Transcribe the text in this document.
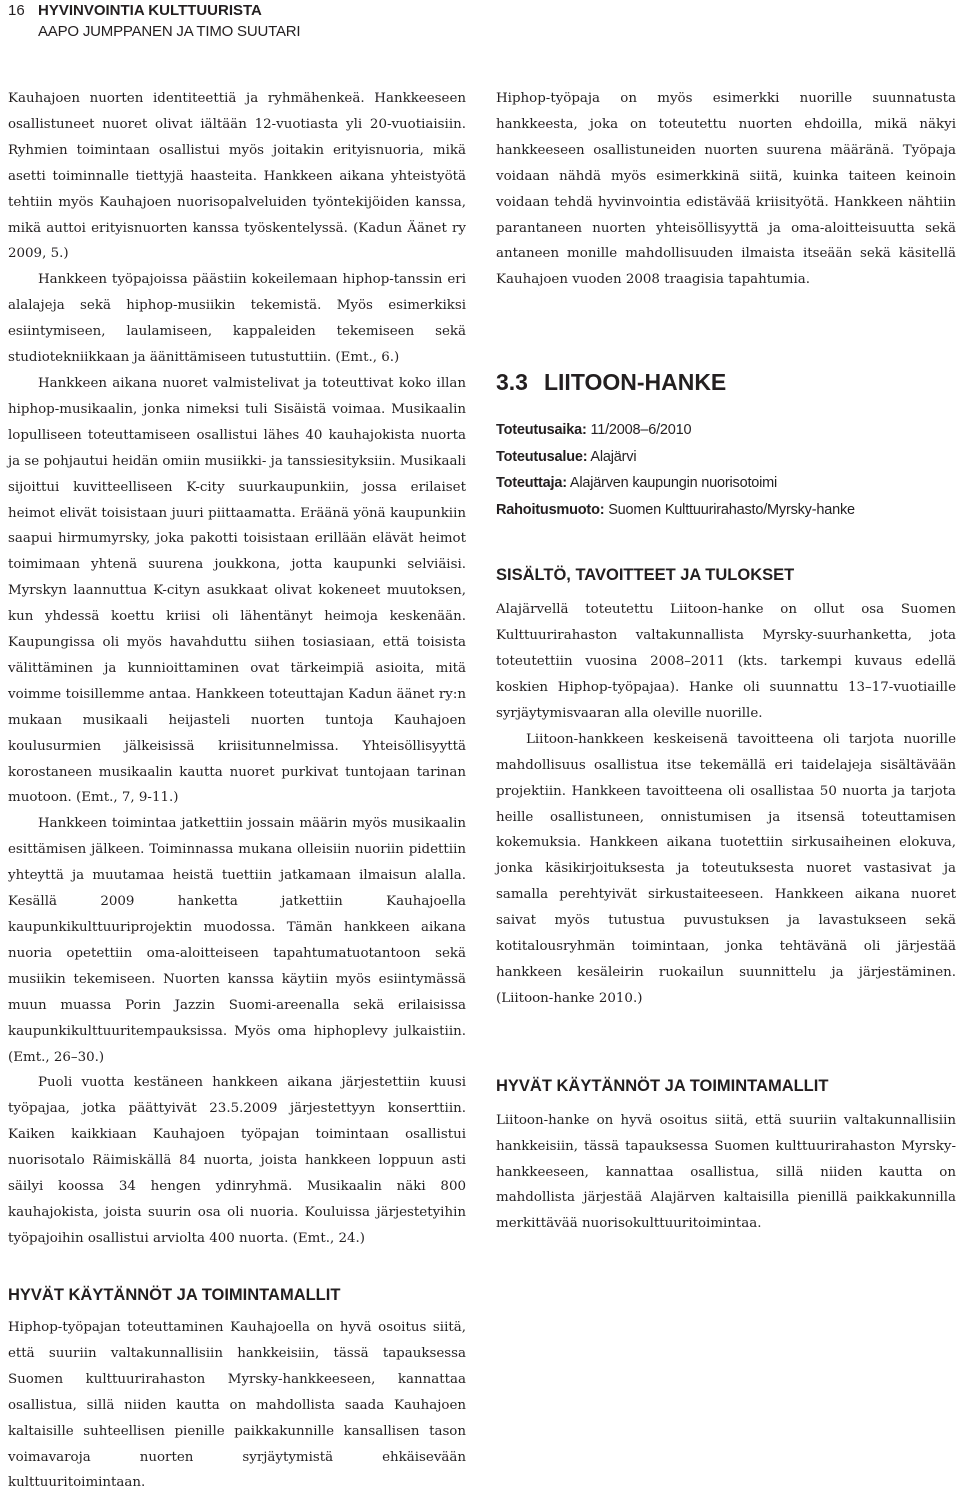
16 HYVINVOINTIA KULTTUURISTA
AAPO JUMPPANEN JA TIMO SUUTARI

Kauhajoen nuorten identiteettiä ja ryhmähenkeä. Hankkeeseen osallistuneet nuoret olivat iältään 12-vuotiasta yli 20-vuotiaisiin. Ryhmien toimintaan osallistui myös joitakin erityisnuoria, mikä asetti toiminnalle tiettyjä haasteita. Hankkeen aikana yhteistyötä tehtiin myös Kauhajoen nuorisopalveluiden työntekijöiden kanssa, mikä auttoi erityisnuorten kanssa työskentelyssä. (Kadun Äänet ry 2009, 5.)

Hankkeen työpajoissa päästiin kokeilemaan hiphop-tanssin eri alalajeja sekä hiphop-musiikin tekemistä. Myös esimerkiksi esiintymiseen, laulamiseen, kappaleiden tekemiseen sekä studiotekniikkaan ja äänittämiseen tutustuttiin. (Emt., 6.)

Hankkeen aikana nuoret valmistelivat ja toteuttivat koko illan hiphop-musikaalin, jonka nimeksi tuli Sisäistä voimaa. Musikaalin lopulliseen toteuttamiseen osallistui lähes 40 kauhajokista nuorta ja se pohjautui heidän omiin musiikki- ja tanssiesityksiin. Musikaali sijoittui kuvitteelliseen K-city suurkaupunkiin, jossa erilaiset heimot elivät toisistaan juuri piittaamatta. Eräänä yönä kaupunkiin saapui hirmumyrsky, joka pakotti toisistaan erillään elävät heimot toimimaan yhtenä suurena joukkona, jotta kaupunki selviäisi. Myrskyn laannuttua K-cityn asukkaat olivat kokeneet muutoksen, kun yhdessä koettu kriisi oli lähentänyt heimoja keskenään. Kaupungissa oli myös havahduttu siihen tosiasiaan, että toisista välittäminen ja kunnioittaminen ovat tärkeimpiä asioita, mitä voimme toisillemme antaa. Hankkeen toteuttajan Kadun äänet ry:n mukaan musikaali heijasteli nuorten tuntoja Kauhajoen koulusurmien jälkeisissä kriisitunnelmissa. Yhteisöllisyyttä korostaneen musikaalin kautta nuoret purkivat tuntojaan tarinan muotoon. (Emt., 7, 9-11.)

Hankkeen toimintaa jatkettiin jossain määrin myös musikaalin esittämisen jälkeen. Toiminnassa mukana olleisiin nuoriin pidettiin yhteyttä ja muutamaa heistä tuettiin jatkamaan ilmaisun alalla. Kesällä 2009 hanketta jatkettiin Kauhajoella kaupunkikulttuuriprojektin muodossa. Tämän hankkeen aikana nuoria opetettiin oma-aloitteiseen tapahtumatuotantoon sekä musiikin tekemiseen. Nuorten kanssa käytiin myös esiintymässä muun muassa Porin Jazzin Suomi-areenalla sekä erilaisissa kaupunkikulttuuritempauksissa. Myös oma hiphoplevy julkaistiin. (Emt., 26–30.)

Puoli vuotta kestäneen hankkeen aikana järjestettiin kuusi työpajaa, jotka päättyivät 23.5.2009 järjestettyyn konserttiin. Kaiken kaikkiaan Kauhajoen työpajan toimintaan osallistui nuorisotalo Räimiskällä 84 nuorta, joista hankkeen loppuun asti säilyi koossa 34 hengen ydinryhmä. Musikaalin näki 800 kauhajokista, joista suurin osa oli nuoria. Kouluissa järjestetyihin työpajoihin osallistui arviolta 400 nuorta. (Emt., 24.)

HYVÄT KÄYTÄNNÖT JA TOIMINTAMALLIT

Hiphop-työpajan toteuttaminen Kauhajoella on hyvä osoitus siitä, että suuriin valtakunnallisiin hankkeisiin, tässä tapauksessa Suomen kulttuurirahaston Myrsky-hankkeeseen, kannattaa osallistua, sillä niiden kautta on mahdollista saada Kauhajoen kaltaisille suhteellisen pienille paikkakunnille kansallisen tason voimavaroja nuorten syrjäytymistä ehkäisevään kulttuuritoimintaan.

Hiphop-työpaja on myös esimerkki nuorille suunnatusta hankkeesta, joka on toteutettu nuorten ehdoilla, mikä näkyi hankkeeseen osallistuneiden nuorten suurena määränä. Työpaja voidaan nähdä myös esimerkkinä siitä, kuinka taiteen keinoin voidaan tehdä hyvinvointia edistävää kriisityötä. Hankkeen nähtiin parantaneen nuorten yhteisöllisyyttä ja oma-aloitteisuutta sekä antaneen monille mahdollisuuden ilmaista itseään sekä käsitellä Kauhajoen vuoden 2008 traagisia tapahtumia.

3.3 LIITOON-HANKE
Toteutusaika: 11/2008–6/2010
Toteutusalue: Alajärvi
Toteuttaja: Alajärven kaupungin nuorisotoimi
Rahoitusmuoto: Suomen Kulttuurirahasto/Myrsky-hanke
SISÄLTÖ, TAVOITTEET JA TULOKSET

Alajärvellä toteutettu Liitoon-hanke on ollut osa Suomen Kulttuurirahaston valtakunnallista Myrsky-suurhanketta, jota toteutettiin vuosina 2008–2011 (kts. tarkempi kuvaus edellä koskien Hiphop-työpajaa). Hanke oli suunnattu 13–17-vuotiaille syrjäytymisvaaran alla oleville nuorille.

Liitoon-hankkeen keskeisenä tavoitteena oli tarjota nuorille mahdollisuus osallistua itse tekemällä eri taidelajeja sisältävään projektiin. Hankkeen tavoitteena oli osallistaa 50 nuorta ja tarjota heille osallistuneen, onnistumisen ja itsensä toteuttamisen kokemuksia. Hankkeen aikana tuotettiin sirkusaiheinen elokuva, jonka käsikirjoituksesta ja toteutuksesta nuoret vastasivat ja samalla perehtyivät sirkustaiteeseen. Hankkeen aikana nuoret saivat myös tutustua puvustuksen ja lavastukseen sekä kotitalousryhmän toimintaan, jonka tehtävänä oli järjestää hankkeen kesäleirin ruokailun suunnittelu ja järjestäminen. (Liitoon-hanke 2010.)

HYVÄT KÄYTÄNNÖT JA TOIMINTAMALLIT

Liitoon-hanke on hyvä osoitus siitä, että suuriin valtakunnallisiin hankkeisiin, tässä tapauksessa Suomen kulttuurirahaston Myrsky-hankkeeseen, kannattaa osallistua, sillä niiden kautta on mahdollista järjestää Alajärven kaltaisilla pienillä paikkakunnilla merkittävää nuorisokulttuuritoimintaa.
